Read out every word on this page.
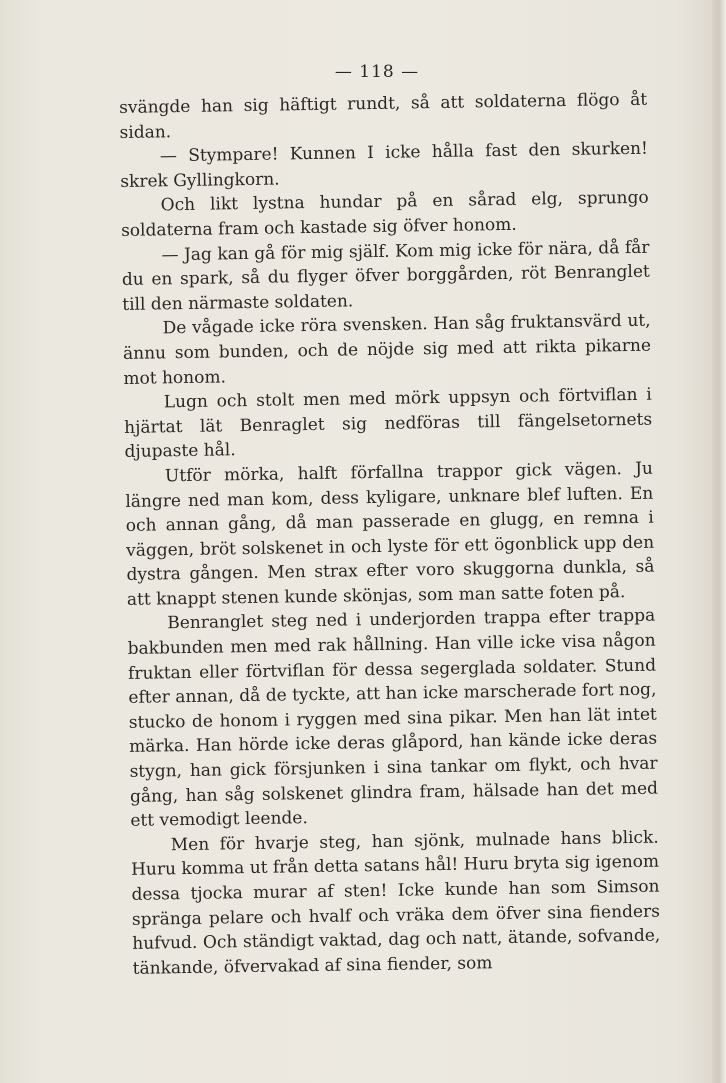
— 118 —

svängde han sig häftigt rundt, så att soldaterna flögo åt sidan.

— Stympare! Kunnen I icke hålla fast den skurken! skrek Gyllingkorn.

Och likt lystna hundar på en sårad elg, sprungo soldaterna fram och kastade sig öfver honom.

— Jag kan gå för mig själf. Kom mig icke för nära, då får du en spark, så du flyger öfver borggården, röt Benranglet till den närmaste soldaten.

De vågade icke röra svensken. Han såg fruktansvärd ut, ännu som bunden, och de nöjde sig med att rikta pikarne mot honom.

Lugn och stolt men med mörk uppsyn och förtviflan i hjärtat lät Benraglet sig nedföras till fängelsetornets djupaste hål.

Utför mörka, halft förfallna trappor gick vägen. Ju längre ned man kom, dess kyligare, unknare blef luften. En och annan gång, då man passerade en glugg, en remna i väggen, bröt solskenet in och lyste för ett ögonblick upp den dystra gången. Men strax efter voro skuggorna dunkla, så att knappt stenen kunde skönjas, som man satte foten på.

Benranglet steg ned i underjorden trappa efter trappa bakbunden men med rak hållning. Han ville icke visa någon fruktan eller förtviflan för dessa segerglada soldater. Stund efter annan, då de tyckte, att han icke marscherade fort nog, stucko de honom i ryggen med sina pikar. Men han lät intet märka. Han hörde icke deras glåpord, han kände icke deras stygn, han gick försjunken i sina tankar om flykt, och hvar gång, han såg solskenet glindra fram, hälsade han det med ett vemodigt leende.

Men för hvarje steg, han sjönk, mulnade hans blick. Huru komma ut från detta satans hål! Huru bryta sig igenom dessa tjocka murar af sten! Icke kunde han som Simson spränga pelare och hvalf och vräka dem öfver sina fienders hufvud. Och ständigt vaktad, dag och natt, ätande, sofvande, tänkande, öfvervakad af sina fiender, som
